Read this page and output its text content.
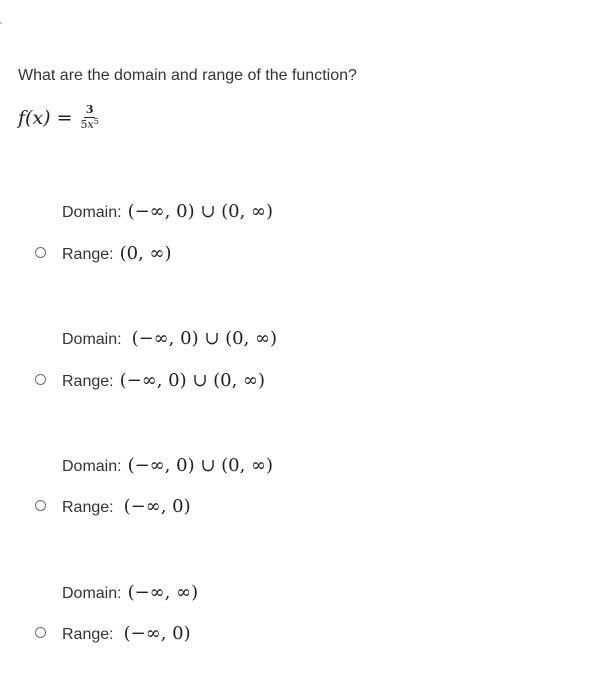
What are the domain and range of the function?
$f(x) = \frac{3}{5x^5}$
Domain: (−∞, 0) ∪ (0, ∞)
Range: (0, ∞)
Domain: (−∞, 0) ∪ (0, ∞)
Range: (−∞, 0) ∪ (0, ∞)
Domain: (−∞, 0) ∪ (0, ∞)
Range: (−∞, 0)
Domain: (−∞, ∞)
Range: (−∞, 0)
